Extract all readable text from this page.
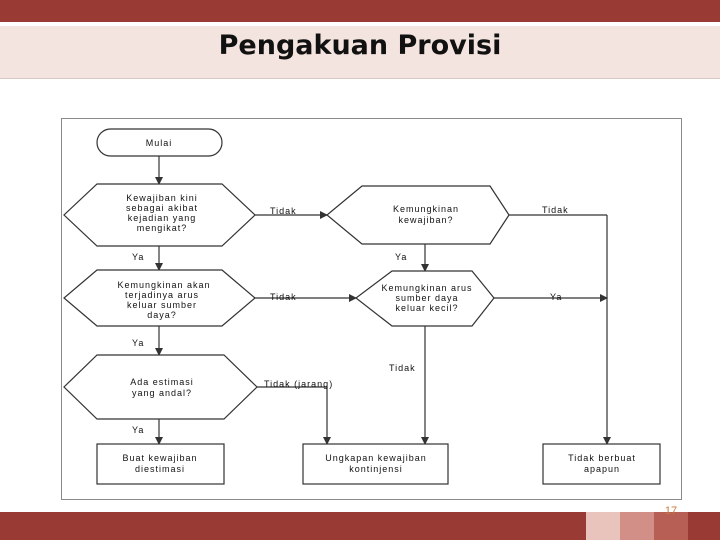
Pengakuan Provisi
Mulai
Kewajiban kini
sebagai akibat
kejadian yang
mengikat?
Kemungkinan akan
terjadinya arus
keluar sumber
daya?
Ada estimasi
yang andal?
Kemungkinan
kewajiban?
Kemungkinan arus
sumber daya
keluar kecil?
Buat kewajiban
diestimasi
Ungkapan kewajiban
kontinjensi
Tidak berbuat
apapun
Ya
Ya
Ya
Ya
Ya
Tidak
Tidak
Tidak (jarang)
Tidak
Tidak
17
